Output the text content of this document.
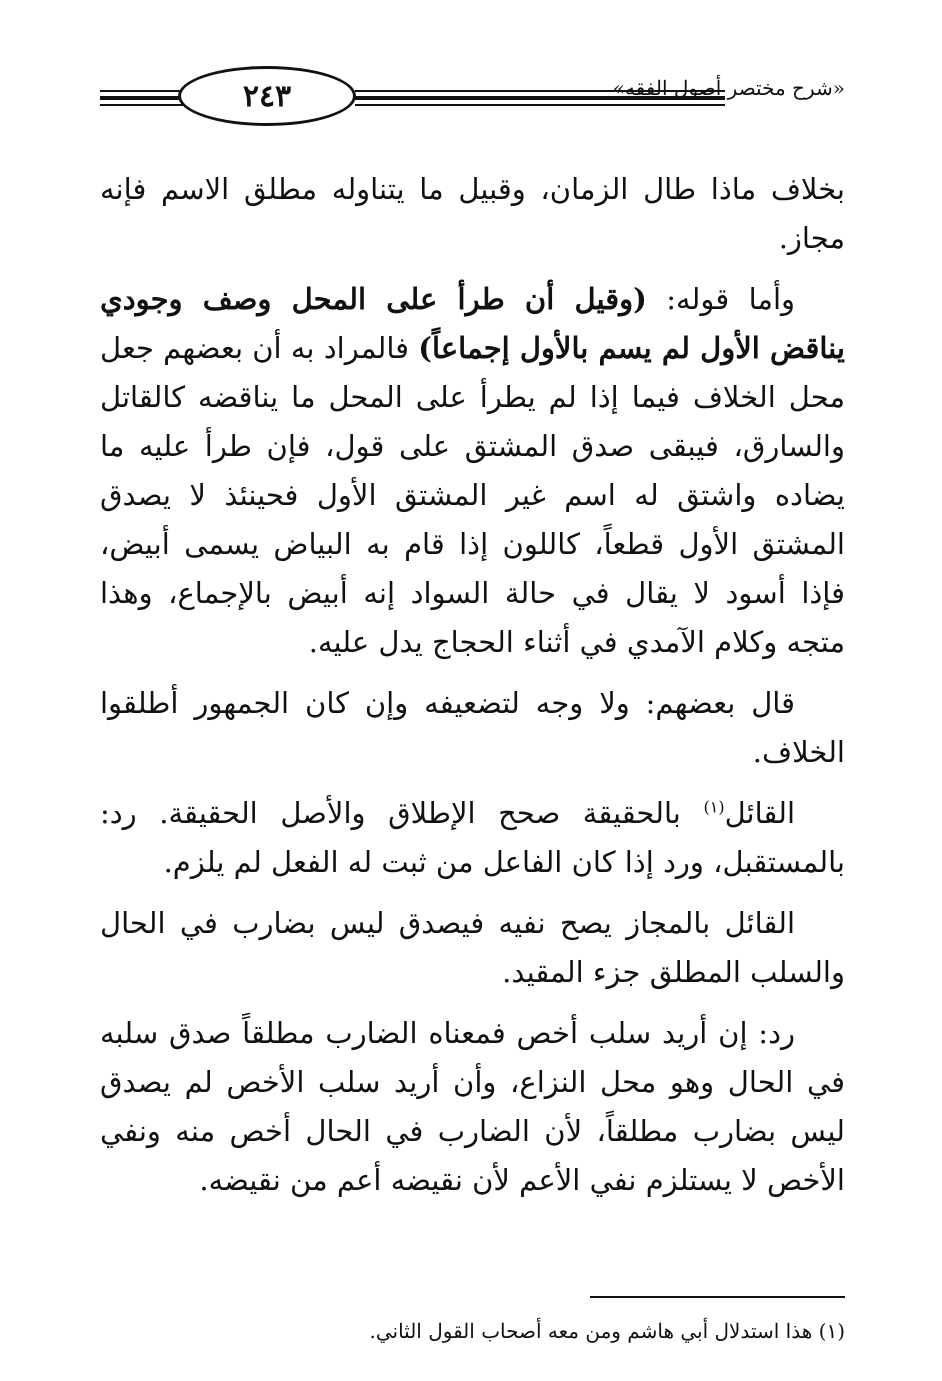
٢٤٣	«شرح مختصر أصول الفقه»

بخلاف ماذا طال الزمان، وقبيل ما يتناوله مطلق الاسم فإنه مجاز.

وأما قوله: (وقيل أن طرأ على المحل وصف وجودي يناقض الأول لم يسم بالأول إجماعاً) فالمراد به أن بعضهم جعل محل الخلاف فيما إذا لم يطرأ على المحل ما يناقضه كالقاتل والسارق، فيبقى صدق المشتق على قول، فإن طرأ عليه ما يضاده واشتق له اسم غير المشتق الأول فحينئذ لا يصدق المشتق الأول قطعاً، كاللون إذا قام به البياض يسمى أبيض، فإذا أسود لا يقال في حالة السواد إنه أبيض بالإجماع، وهذا متجه وكلام الآمدي في أثناء الحجاج يدل عليه.

قال بعضهم: ولا وجه لتضعيفه وإن كان الجمهور أطلقوا الخلاف.

القائل$^{(١)}$ بالحقيقة صحح الإطلاق والأصل الحقيقة. رد: بالمستقبل، ورد إذا كان الفاعل من ثبت له الفعل لم يلزم.

القائل بالمجاز يصح نفيه فيصدق ليس بضارب في الحال والسلب المطلق جزء المقيد.

رد: إن أريد سلب أخص فمعناه الضارب مطلقاً صدق سلبه في الحال وهو محل النزاع، وأن أريد سلب الأخص لم يصدق ليس بضارب مطلقاً، لأن الضارب في الحال أخص منه ونفي الأخص لا يستلزم نفي الأعم لأن نقيضه أعم من نقيضه.

(١) هذا استدلال أبي هاشم ومن معه أصحاب القول الثاني.
